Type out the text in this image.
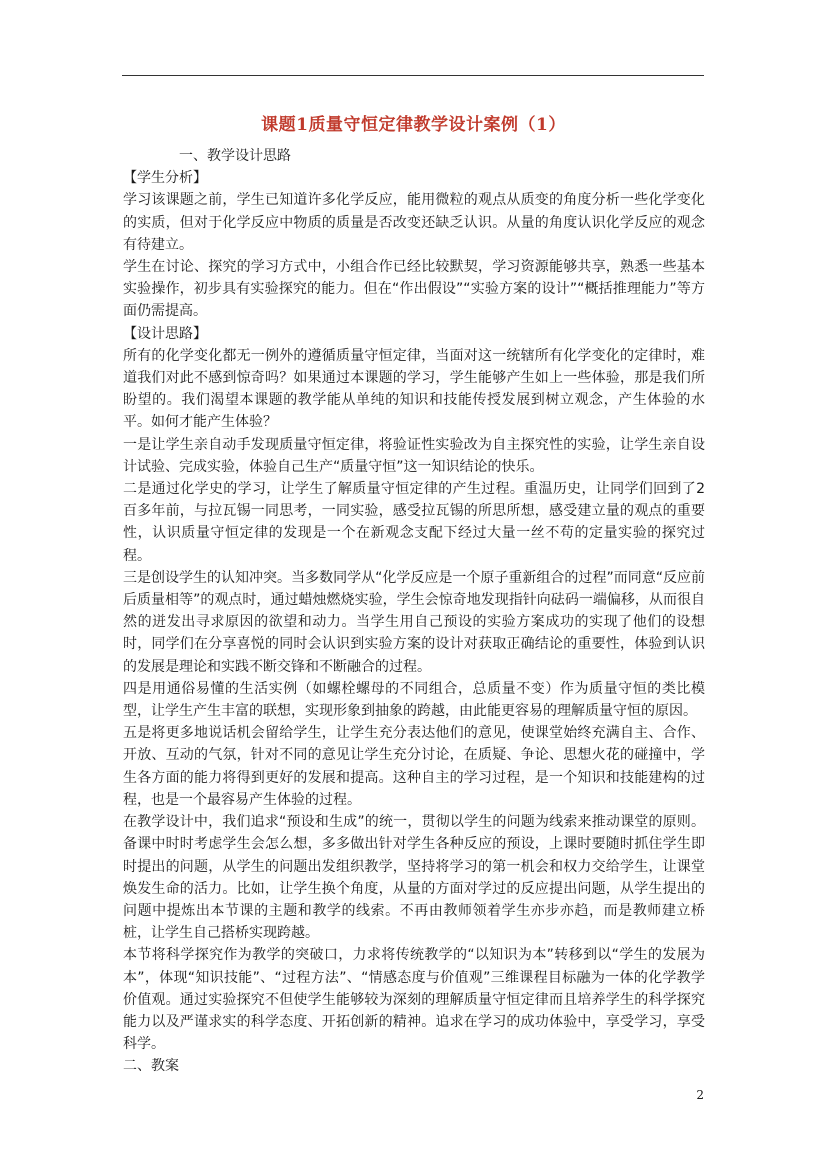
课题1质量守恒定律教学设计案例（1）

一、教学设计思路

【学生分析】

学习该课题之前，学生已知道许多化学反应，能用微粒的观点从质变的角度分析一些化学变化的实质，但对于化学反应中物质的质量是否改变还缺乏认识。从量的角度认识化学反应的观念有待建立。

学生在讨论、探究的学习方式中，小组合作已经比较默契，学习资源能够共享，熟悉一些基本实验操作，初步具有实验探究的能力。但在“作出假设”“实验方案的设计”“概括推理能力”等方面仍需提高。

【设计思路】

所有的化学变化都无一例外的遵循质量守恒定律，当面对这一统辖所有化学变化的定律时，难道我们对此不感到惊奇吗？如果通过本课题的学习，学生能够产生如上一些体验，那是我们所盼望的。我们渴望本课题的教学能从单纯的知识和技能传授发展到树立观念，产生体验的水平。如何才能产生体验？

一是让学生亲自动手发现质量守恒定律，将验证性实验改为自主探究性的实验，让学生亲自设计试验、完成实验，体验自己生产“质量守恒”这一知识结论的快乐。

二是通过化学史的学习，让学生了解质量守恒定律的产生过程。重温历史，让同学们回到了2百多年前，与拉瓦锡一同思考，一同实验，感受拉瓦锡的所思所想，感受建立量的观点的重要性，认识质量守恒定律的发现是一个在新观念支配下经过大量一丝不苟的定量实验的探究过程。

三是创设学生的认知冲突。当多数同学从“化学反应是一个原子重新组合的过程”而同意“反应前后质量相等”的观点时，通过蜡烛燃烧实验，学生会惊奇地发现指针向砝码一端偏移，从而很自然的迸发出寻求原因的欲望和动力。当学生用自己预设的实验方案成功的实现了他们的设想时，同学们在分享喜悦的同时会认识到实验方案的设计对获取正确结论的重要性，体验到认识的发展是理论和实践不断交锋和不断融合的过程。

四是用通俗易懂的生活实例（如螺栓螺母的不同组合，总质量不变）作为质量守恒的类比模型，让学生产生丰富的联想，实现形象到抽象的跨越，由此能更容易的理解质量守恒的原因。

五是将更多地说话机会留给学生，让学生充分表达他们的意见，使课堂始终充满自主、合作、开放、互动的气氛，针对不同的意见让学生充分讨论，在质疑、争论、思想火花的碰撞中，学生各方面的能力将得到更好的发展和提高。这种自主的学习过程，是一个知识和技能建构的过程，也是一个最容易产生体验的过程。

在教学设计中，我们追求“预设和生成”的统一，贯彻以学生的问题为线索来推动课堂的原则。备课中时时考虑学生会怎么想，多多做出针对学生各种反应的预设，上课时要随时抓住学生即时提出的问题，从学生的问题出发组织教学，坚持将学习的第一机会和权力交给学生，让课堂焕发生命的活力。比如，让学生换个角度，从量的方面对学过的反应提出问题，从学生提出的问题中提炼出本节课的主题和教学的线索。不再由教师领着学生亦步亦趋，而是教师建立桥桩，让学生自己搭桥实现跨越。

本节将科学探究作为教学的突破口，力求将传统教学的“以知识为本”转移到以“学生的发展为本”，体现“知识技能”、“过程方法”、“情感态度与价值观”三维课程目标融为一体的化学教学价值观。通过实验探究不但使学生能够较为深刻的理解质量守恒定律而且培养学生的科学探究能力以及严谨求实的科学态度、开拓创新的精神。追求在学习的成功体验中，享受学习，享受科学。

二、教案

2
